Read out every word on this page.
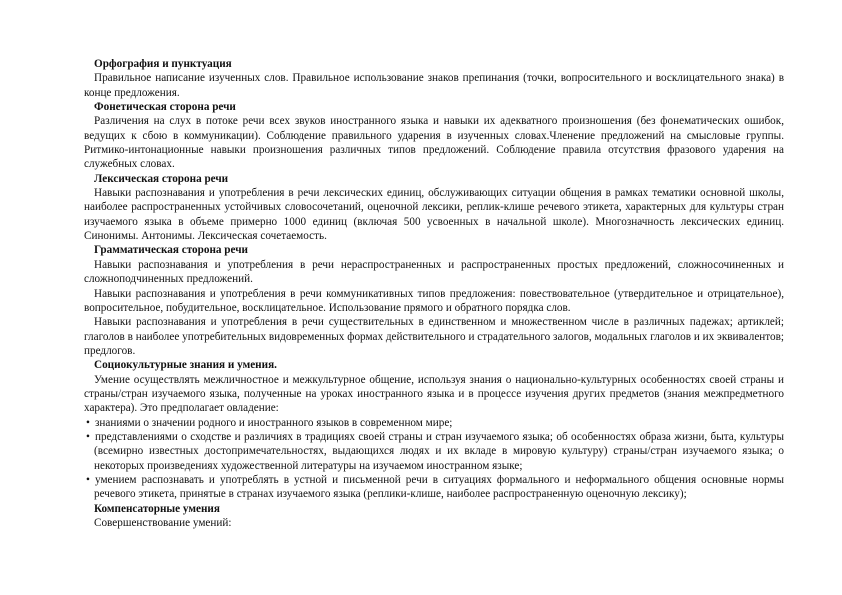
Орфография и пунктуация

Правильное написание изученных слов. Правильное использование знаков препинания (точки, вопросительного и восклицательного знака) в конце предложения.

Фонетическая сторона речи

Различения на слух в потоке речи всех звуков иностранного языка и навыки их адекватного произношения (без фонематических ошибок, ведущих к сбою в коммуникации). Соблюдение правильного ударения в изученных словах.Членение предложений на смысловые группы. Ритмико-интонационные навыки произношения различных типов предложений. Соблюдение правила отсутствия фразового ударения на служебных словах.

Лексическая сторона речи

Навыки распознавания и употребления в речи лексических единиц, обслуживающих ситуации общения в рамках тематики основной школы, наиболее распространенных устойчивых словосочетаний, оценочной лексики, реплик-клише речевого этикета, характерных для культуры стран изучаемого языка в объеме примерно 1000 единиц (включая 500 усвоенных в начальной школе). Многозначность лексических единиц. Синонимы. Антонимы. Лексическая сочетаемость.

Грамматическая сторона речи

Навыки распознавания и употребления в речи нераспространенных и распространенных простых предложений, сложносочиненных и сложноподчиненных предложений.

Навыки распознавания и употребления в речи коммуникативных типов предложения: повествовательное (утвердительное и отрицательное), вопросительное, побудительное, восклицательное. Использование прямого и обратного порядка слов.

Навыки распознавания и употребления в речи существительных в единственном и множественном числе в различных падежах; артиклей; глаголов в наиболее употребительных видовременных формах действительного и страдательного залогов, модальных глаголов и их эквивалентов; предлогов.

Социокультурные знания и умения.

Умение осуществлять межличностное и межкультурное общение, используя знания о национально-культурных особенностях своей страны и страны/стран изучаемого языка, полученные на уроках иностранного языка и в процессе изучения других предметов (знания межпредметного характера). Это предполагает овладение:

• знаниями о значении родного и иностранного языков в современном мире;

• представлениями о сходстве и различиях в традициях своей страны и стран изучаемого языка; об особенностях образа жизни, быта, культуры (всемирно известных достопримечательностях, выдающихся людях и их вкладе в мировую культуру) страны/стран изучаемого языка; о некоторых произведениях художественной литературы на изучаемом иностранном языке;

• умением распознавать и употреблять в устной и письменной речи в ситуациях формального и неформального общения основные нормы речевого этикета, принятые в странах изучаемого языка (реплики-клише, наиболее распространенную оценочную лексику);

Компенсаторные умения

Совершенствование умений:
